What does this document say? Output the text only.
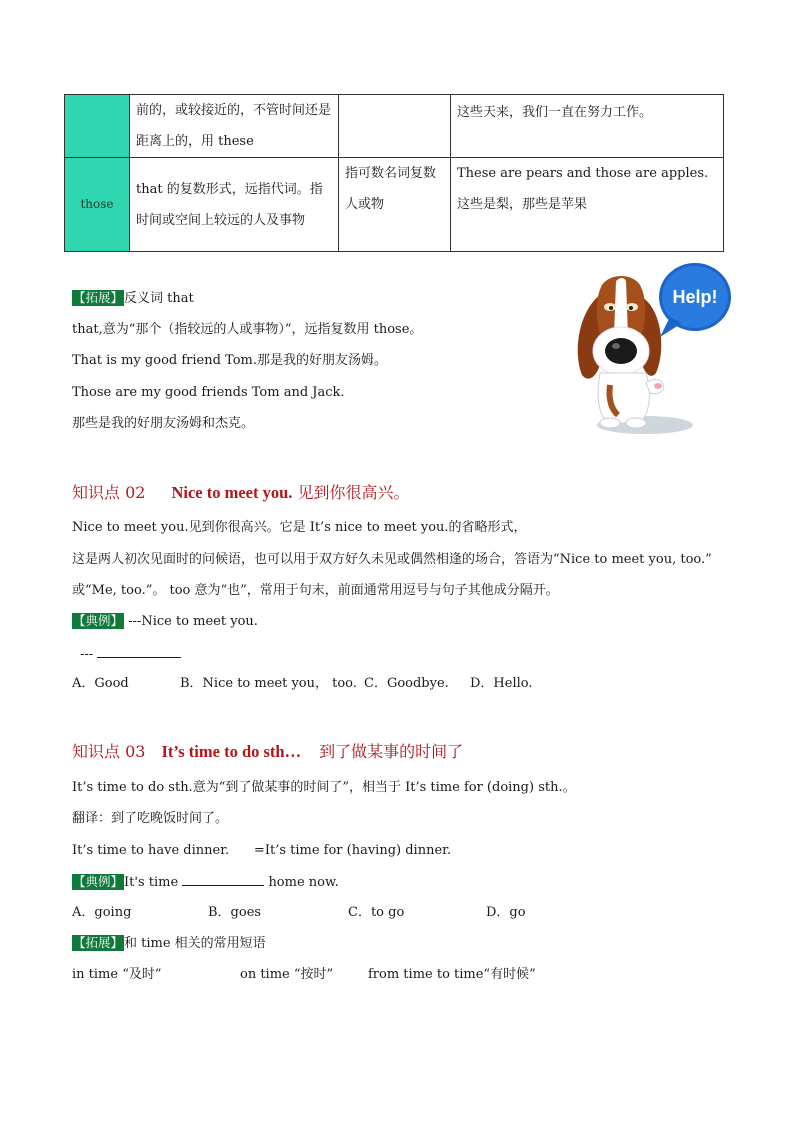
	前的，或较接近的，不管时间还是距离上的，用 these		这些天来，我们一直在努力工作。
those	that 的复数形式，远指代词。指时间或空间上较远的人及事物	指可数名词复数人或物	These are pears and those are apples. 这些是梨，那些是苹果
【拓展】反义词 that
that,意为“那个（指较远的人或事物）”，远指复数用 those。
That is my good friend Tom.那是我的好朋友汤姆。
Those are my good friends Tom and Jack.
那些是我的好朋友汤姆和杰克。
Help!
知识点 02 Nice to meet you. 见到你很高兴。
Nice to meet you.见到你很高兴。它是 It’s nice to meet you.的省略形式，
这是两人初次见面时的问候语，也可以用于双方好久未见或偶然相逢的场合，答语为“Nice to meet you, too.”
或“Me, too.”。 too 意为“也”，常用于句末，前面通常用逗号与句子其他成分隔开。
【典例】 ---Nice to meet you.
---
A．Good	B．Nice to meet you， too. C．Goodbye. D．Hello.
知识点 03 It’s time to do sth… 到了做某事的时间了
It’s time to do sth.意为“到了做某事的时间了”，相当于 It’s time for (doing) sth.。
翻译：到了吃晚饭时间了。
It’s time to have dinner.      =It’s time for (having) dinner.
【典例】It's time	home now.
A．going	B．goes	C．to go	D．go
【拓展】和 time 相关的常用短语
in time “及时”	on time “按时”	from time to time“有时候”
